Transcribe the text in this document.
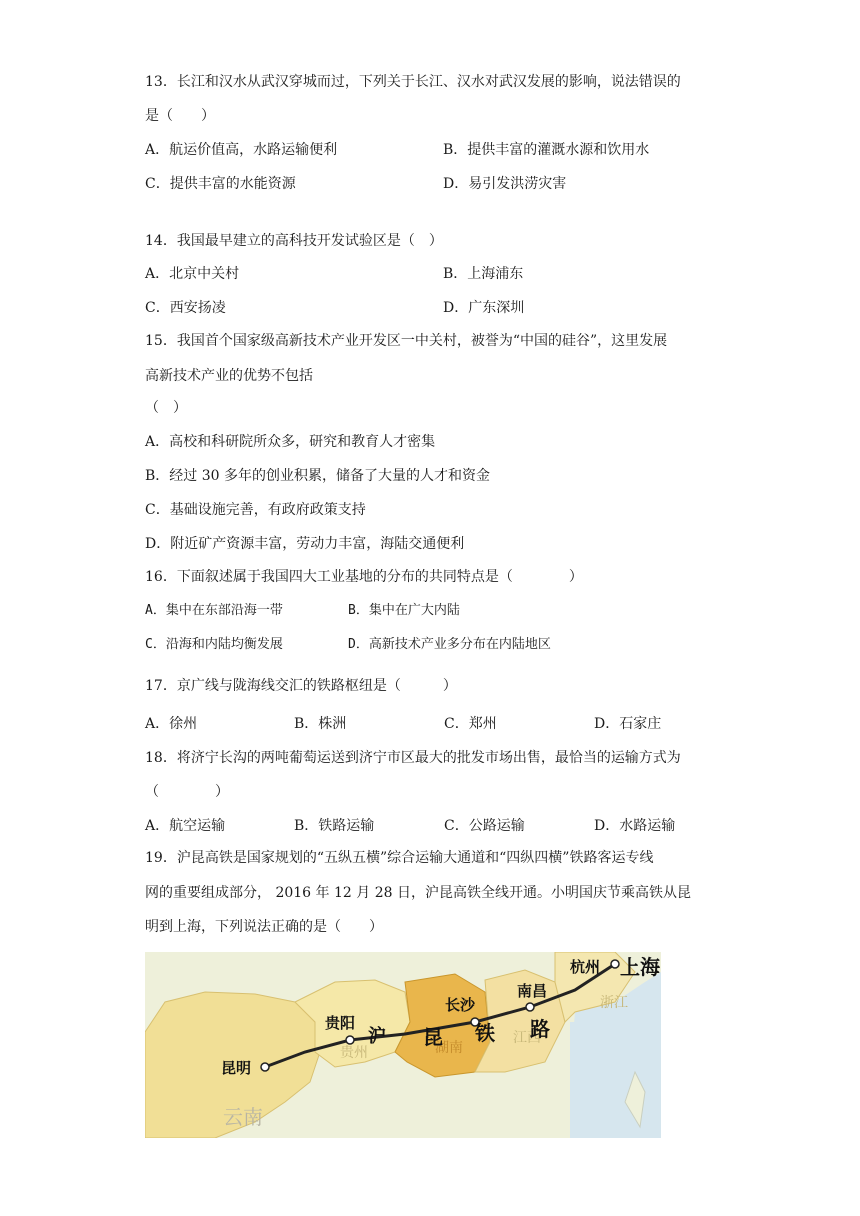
13．长江和汉水从武汉穿城而过，下列关于长江、汉水对武汉发展的影响，说法错误的
是（　　）
A．航运价值高，水路运输便利	B．提供丰富的灌溉水源和饮用水
C．提供丰富的水能资源	D．易引发洪涝灾害
14．我国最早建立的高科技开发试验区是（　）
A．北京中关村	B．上海浦东
C．西安扬凌	D．广东深圳
15．我国首个国家级高新技术产业开发区一中关村，被誉为“中国的硅谷”，这里发展
高新技术产业的优势不包括
（　）
A．高校和科研院所众多，研究和教育人才密集
B．经过 30 多年的创业积累，储备了大量的人才和资金
C．基础设施完善，有政府政策支持
D．附近矿产资源丰富，劳动力丰富，海陆交通便利
16．下面叙述属于我国四大工业基地的分布的共同特点是（　　　　）
A．集中在东部沿海一带	B．集中在广大内陆
C．沿海和内陆均衡发展	D．高新技术产业多分布在内陆地区
17．京广线与陇海线交汇的铁路枢纽是（　　　）
A．徐州	B．株洲	C．郑州	D．石家庄
18．将济宁长沟的两吨葡萄运送到济宁市区最大的批发市场出售，最恰当的运输方式为
（　　　　）
A．航空运输	B．铁路运输	C．公路运输	D．水路运输
19．沪昆高铁是国家规划的“五纵五横”综合运输大通道和“四纵四横”铁路客运专线
网的重要组成部分， 2016 年 12 月 28 日，沪昆高铁全线开通。小明国庆节乘高铁从昆
明到上海，下列说法正确的是（　　）
云南
贵州	湖南
江西
浙江
昆明
贵阳
长沙
南昌
杭州 上海
沪 昆 铁 路
